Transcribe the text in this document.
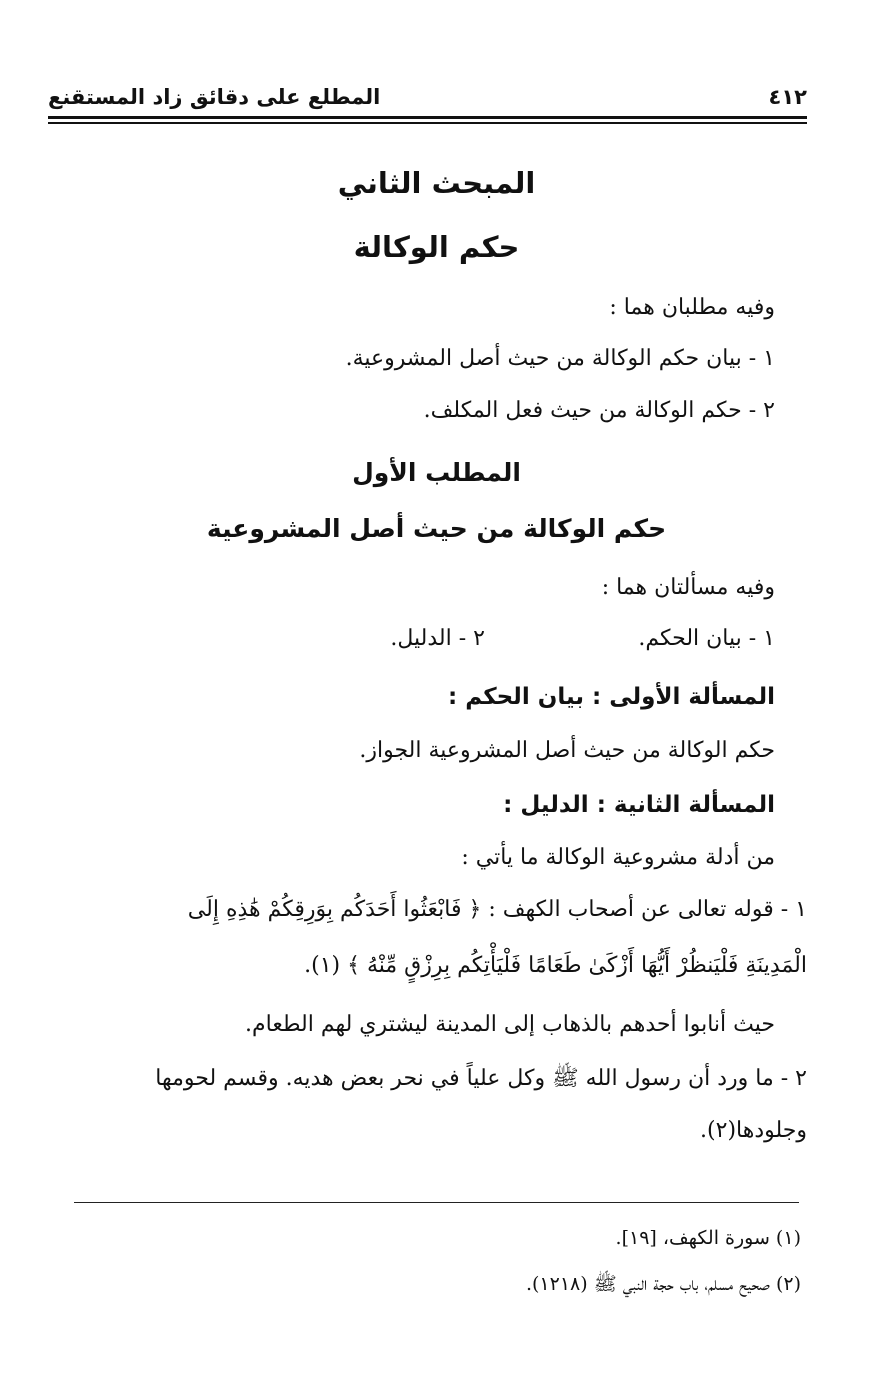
٤١٢
المطلع على دقائق زاد المستقنع
المبحث الثاني
حكم الوكالة
وفيه مطلبان هما :
١ - بيان حكم الوكالة من حيث أصل المشروعية.
٢ - حكم الوكالة من حيث فعل المكلف.
المطلب الأول
حكم الوكالة من حيث أصل المشروعية
وفيه مسألتان هما :
١ - بيان الحكم.
٢ - الدليل.
المسألة الأولى : بيان الحكم :
حكم الوكالة من حيث أصل المشروعية الجواز.
المسألة الثانية : الدليل :
من أدلة مشروعية الوكالة ما يأتي :
١ - قوله تعالى عن أصحاب الكهف : ﴿ فَابْعَثُوا أَحَدَكُم بِوَرِقِكُمْ هَٰذِهِ إِلَى
الْمَدِينَةِ فَلْيَنظُرْ أَيُّهَا أَزْكَىٰ طَعَامًا فَلْيَأْتِكُم بِرِزْقٍ مِّنْهُ ﴾ (١).
حيث أنابوا أحدهم بالذهاب إلى المدينة ليشتري لهم الطعام.
٢ - ما ورد أن رسول الله ﷺ وكل علياً في نحر بعض هديه. وقسم لحومها
وجلودها(٢).
(١) سورة الكهف، [١٩].
(٢) صحيح مسلم، باب حجة النبي ﷺ (١٢١٨).
